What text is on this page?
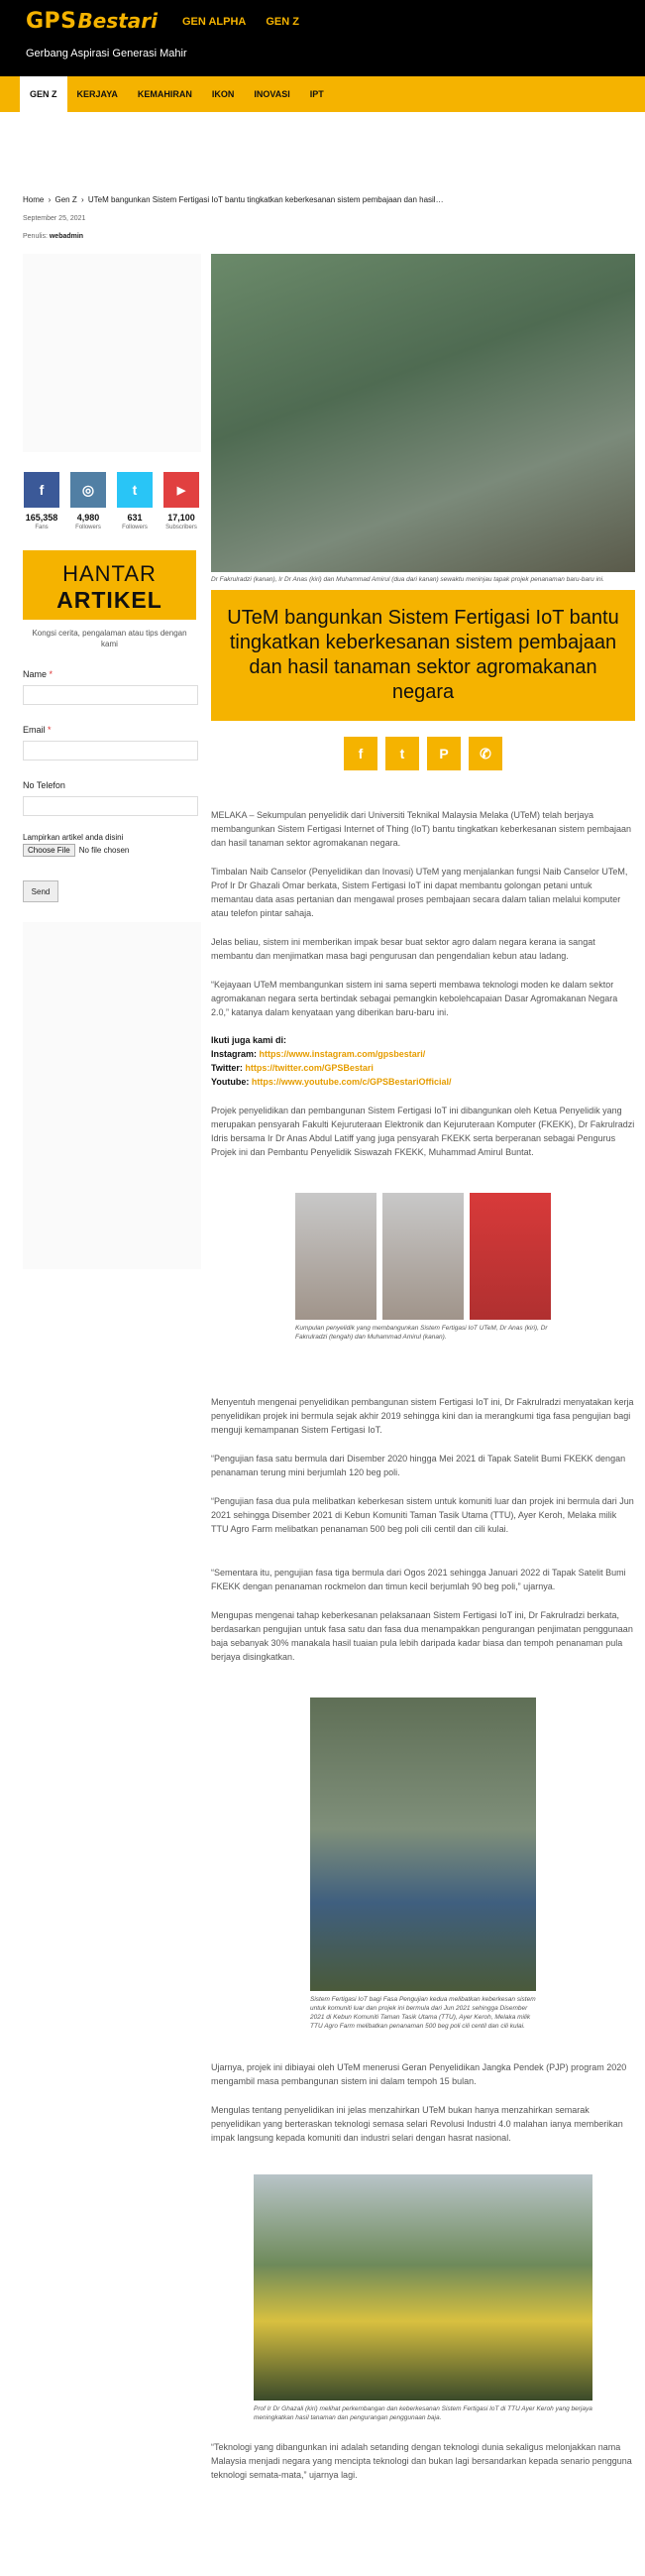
GPS Bestari GEN ALPHA GEN Z
Gerbang Aspirasi Generasi Mahir
GEN Z	KERJAYA	KEMAHIRAN	IKON	INOVASI	IPT
Home › Gen Z › UTeM bangunkan Sistem Fertigasi IoT bantu tingkatkan keberkesanan sistem pembajaan dan hasil…
September 25, 2021
Penulis: webadmin
f
165,358
Fans
◎
4,980
Followers
t
631
Followers
▶
17,100
Subscribers
HANTAR
ARTIKEL
Kongsi cerita, pengalaman atau tips dengan kami
Name *
Email *
No Telefon
Lampirkan artikel anda disini
Choose File	No file chosen
Send
Dr Fakrulradzi (kanan), Ir Dr Anas (kiri) dan Muhammad Amirul (dua dari kanan) sewaktu meninjau tapak projek penanaman baru-baru ini.
UTeM bangunkan Sistem Fertigasi IoT bantu tingkatkan keberkesanan sistem pembajaan dan hasil tanaman sektor agromakanan negara
f	t	P	✆

MELAKA – Sekumpulan penyelidik dari Universiti Teknikal Malaysia Melaka (UTeM) telah berjaya membangunkan Sistem Fertigasi Internet of Thing (IoT) bantu tingkatkan keberkesanan sistem pembajaan dan hasil tanaman sektor agromakanan negara.

Timbalan Naib Canselor (Penyelidikan dan Inovasi) UTeM yang menjalankan fungsi Naib Canselor UTeM, Prof Ir Dr Ghazali Omar berkata, Sistem Fertigasi IoT ini dapat membantu golongan petani untuk memantau data asas pertanian dan mengawal proses pembajaan secara dalam talian melalui komputer atau telefon pintar sahaja.

Jelas beliau, sistem ini memberikan impak besar buat sektor agro dalam negara kerana ia sangat membantu dan menjimatkan masa bagi pengurusan dan pengendalian kebun atau ladang.

“Kejayaan UTeM membangunkan sistem ini sama seperti membawa teknologi moden ke dalam sektor agromakanan negara serta bertindak sebagai pemangkin kebolehcapaian Dasar Agromakanan Negara 2.0,” katanya dalam kenyataan yang diberikan baru-baru ini.

Ikuti juga kami di:
Instagram: https://www.instagram.com/gpsbestari/
Twitter: https://twitter.com/GPSBestari
Youtube: https://www.youtube.com/c/GPSBestariOfficial/

Projek penyelidikan dan pembangunan Sistem Fertigasi IoT ini dibangunkan oleh Ketua Penyelidik yang merupakan pensyarah Fakulti Kejuruteraan Elektronik dan Kejuruteraan Komputer (FKEKK), Dr Fakrulradzi Idris bersama Ir Dr Anas Abdul Latiff yang juga pensyarah FKEKK serta berperanan sebagai Pengurus Projek ini dan Pembantu Penyelidik Siswazah FKEKK, Muhammad Amirul Buntat.

Kumpulan penyelidik yang membangunkan Sistem Fertigasi IoT UTeM, Dr Anas (kiri), Dr Fakrulradzi (tengah) dan Muhammad Amirul (kanan).

Menyentuh mengenai penyelidikan pembangunan sistem Fertigasi IoT ini, Dr Fakrulradzi menyatakan kerja penyelidikan projek ini bermula sejak akhir 2019 sehingga kini dan ia merangkumi tiga fasa pengujian bagi menguji kemampanan Sistem Fertigasi IoT.

“Pengujian fasa satu bermula dari Disember 2020 hingga Mei 2021 di Tapak Satelit Bumi FKEKK dengan penanaman terung mini berjumlah 120 beg poli.

“Pengujian fasa dua pula melibatkan keberkesan sistem untuk komuniti luar dan projek ini bermula dari Jun 2021 sehingga Disember 2021 di Kebun Komuniti Taman Tasik Utama (TTU), Ayer Keroh, Melaka milik TTU Agro Farm melibatkan penanaman 500 beg poli cili centil dan cili kulai.

“Sementara itu, pengujian fasa tiga bermula dari Ogos 2021 sehingga Januari 2022 di Tapak Satelit Bumi FKEKK dengan penanaman rockmelon dan timun kecil berjumlah 90 beg poli,” ujarnya.

Mengupas mengenai tahap keberkesanan pelaksanaan Sistem Fertigasi IoT ini, Dr Fakrulradzi berkata, berdasarkan pengujian untuk fasa satu dan fasa dua menampakkan pengurangan penjimatan penggunaan baja sebanyak 30% manakala hasil tuaian pula lebih daripada kadar biasa dan tempoh penanaman pula berjaya disingkatkan.

Sistem Fertigasi IoT bagi Fasa Pengujian kedua melibatkan keberkesan sistem untuk komuniti luar dan projek ini bermula dari Jun 2021 sehingga Disember 2021 di Kebun Komuniti Taman Tasik Utama (TTU), Ayer Keroh, Melaka milik TTU Agro Farm melibatkan penanaman 500 beg poli cili centil dan cili kulai.

Ujarnya, projek ini dibiayai oleh UTeM menerusi Geran Penyelidikan Jangka Pendek (PJP) program 2020 mengambil masa pembangunan sistem ini dalam tempoh 15 bulan.

Mengulas tentang penyelidikan ini jelas menzahirkan UTeM bukan hanya menzahirkan semarak penyelidikan yang berteraskan teknologi semasa selari Revolusi Industri 4.0 malahan ianya memberikan impak langsung kepada komuniti dan industri selari dengan hasrat nasional.

Prof Ir Dr Ghazali (kiri) melihat perkembangan dan keberkesanan Sistem Fertigasi IoT di TTU Ayer Keroh yang berjaya meningkatkan hasil tanaman dan pengurangan penggunaan baja.

“Teknologi yang dibangunkan ini adalah setanding dengan teknologi dunia sekaligus melonjakkan nama Malaysia menjadi negara yang mencipta teknologi dan bukan lagi bersandarkan kepada senario pengguna teknologi semata-mata,” ujarnya lagi.
